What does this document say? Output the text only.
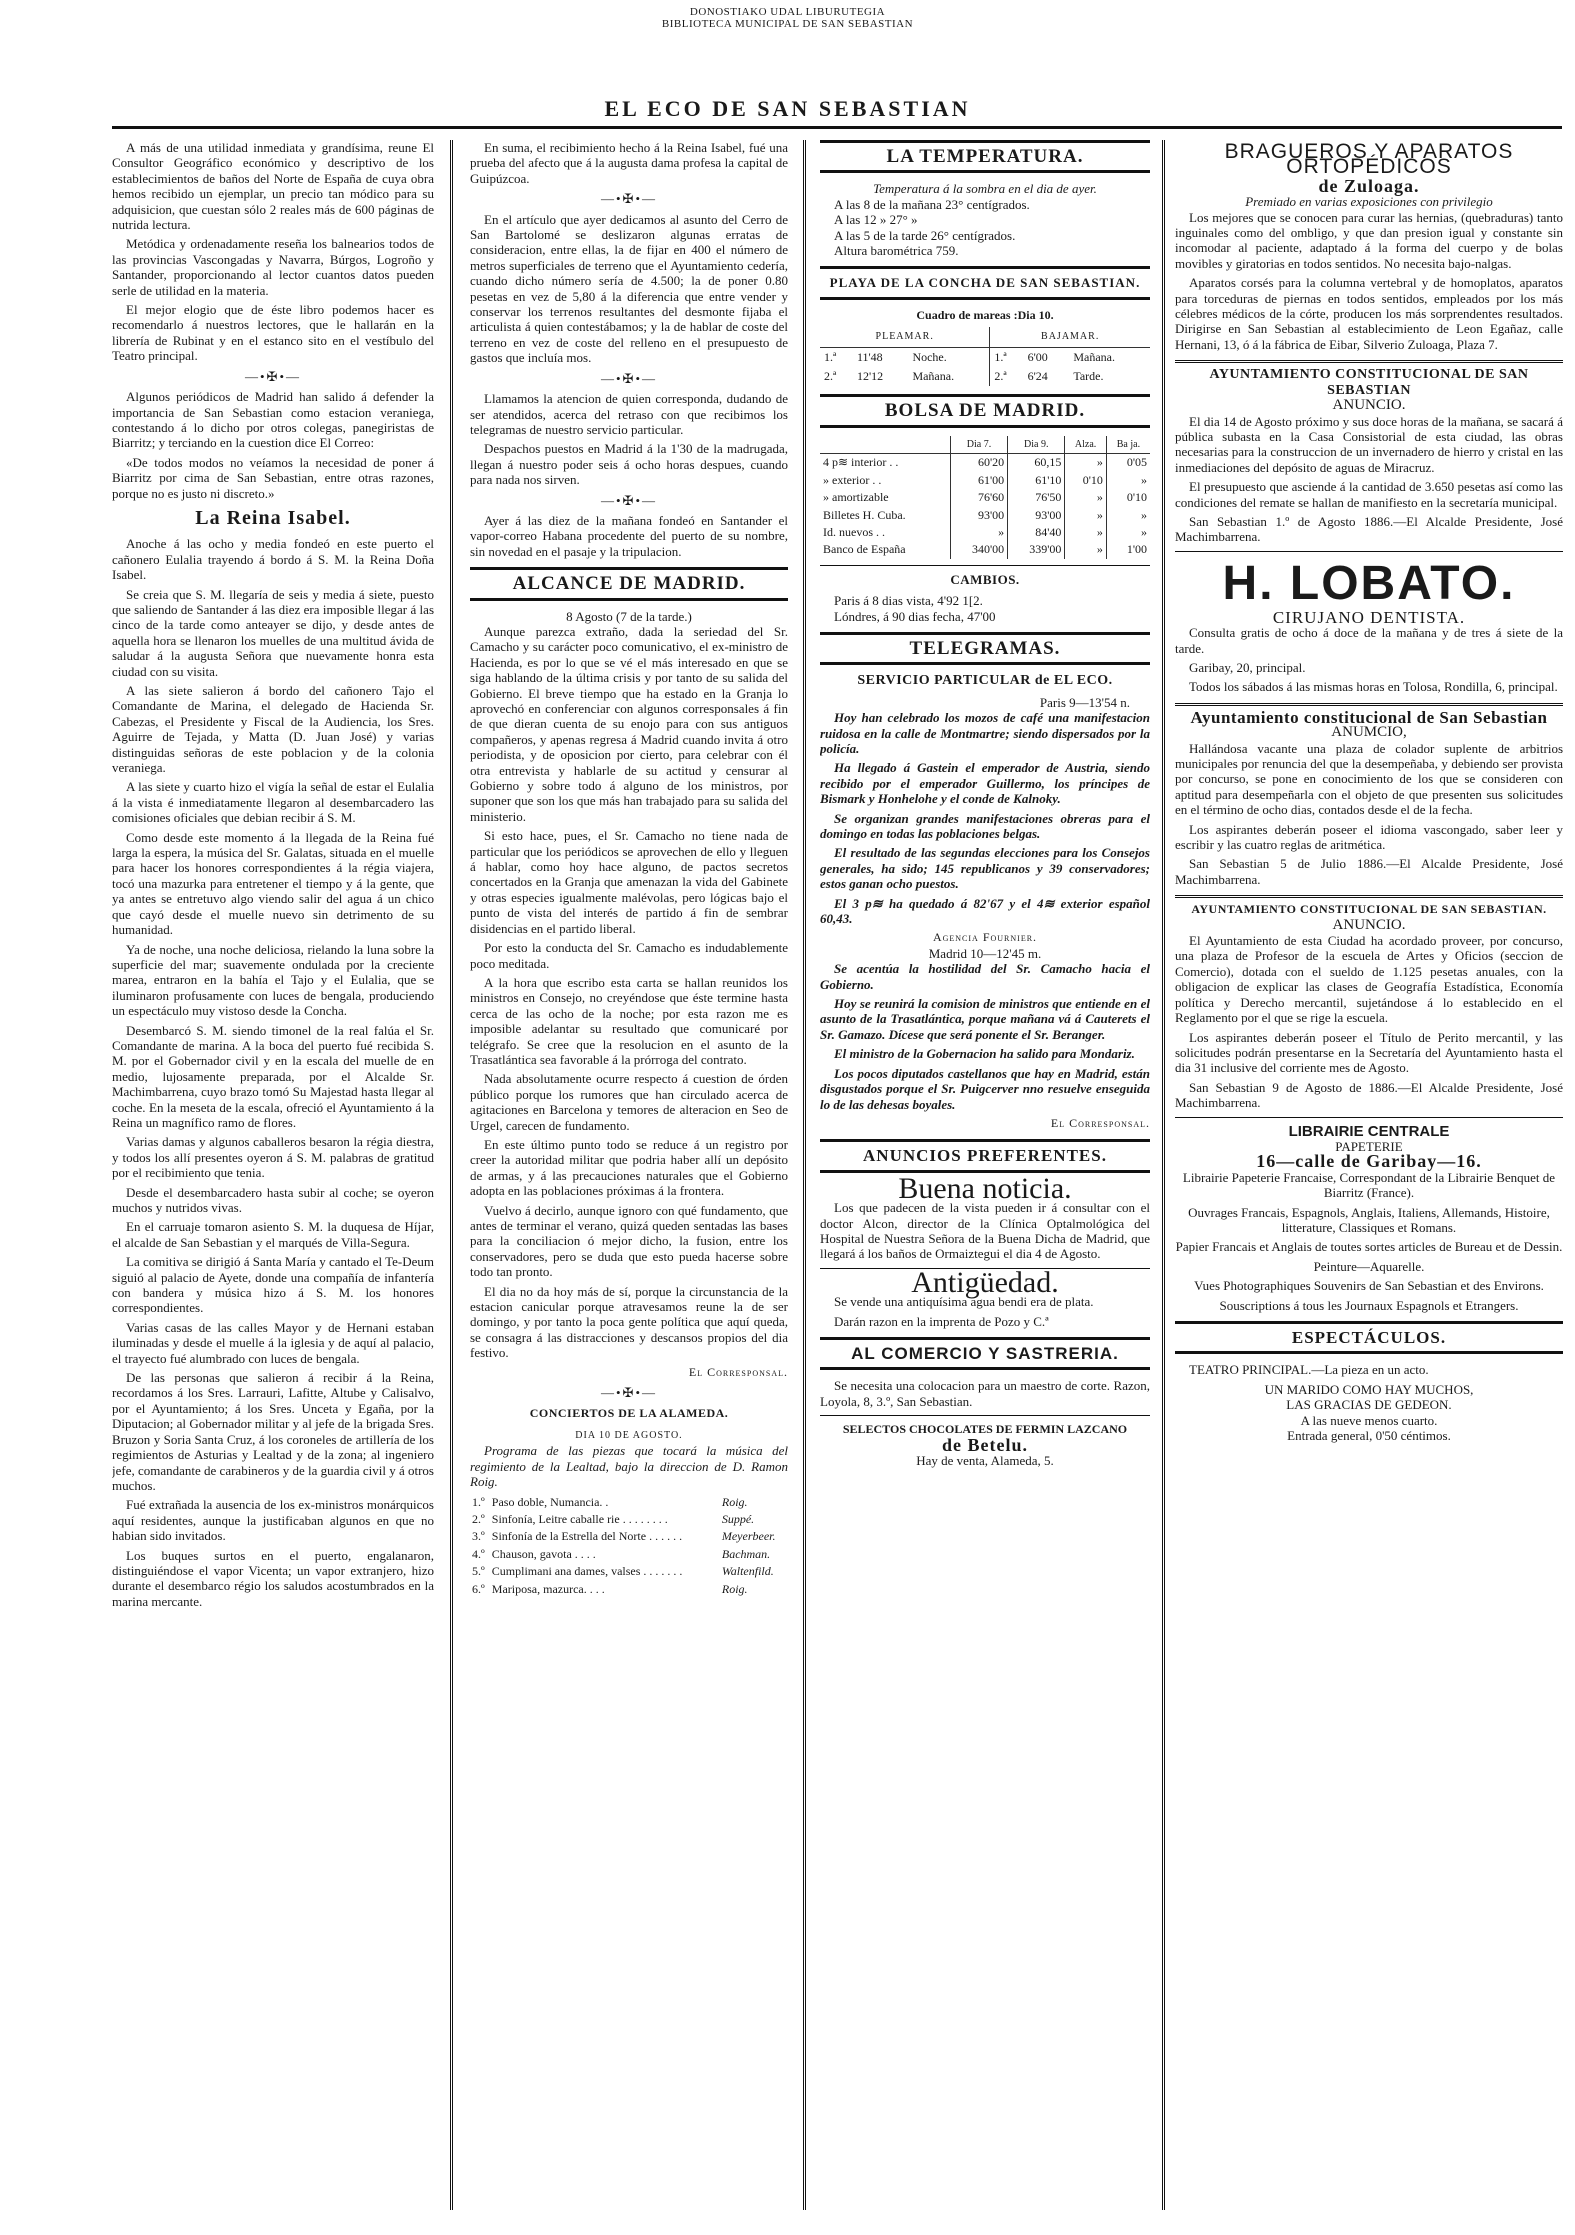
DONOSTIAKO UDAL LIBURUTEGIA
BIBLIOTECA MUNICIPAL DE SAN SEBASTIAN
EL ECO DE SAN SEBASTIAN

A más de una utilidad inmediata y grandísima, reune El Consultor Geográfico económico y descriptivo de los establecimientos de baños del Norte de España de cuya obra hemos recibido un ejemplar, un precio tan módico para su adquisicion, que cuestan sólo 2 reales más de 600 páginas de nutrida lectura.

Metódica y ordenadamente reseña los balnearios todos de las provincias Vascongadas y Navarra, Búrgos, Logroño y Santander, proporcionando al lector cuantos datos pueden serle de utilidad en la materia.

El mejor elogio que de éste libro podemos hacer es recomendarlo á nuestros lectores, que le hallarán en la librería de Rubinat y en el estanco sito en el vestíbulo del Teatro principal.

—•✠•—

Algunos periódicos de Madrid han salido á defender la importancia de San Sebastian como estacion veraniega, contestando á lo dicho por otros colegas, panegiristas de Biarritz; y terciando en la cuestion dice El Correo:

«De todos modos no veíamos la necesidad de poner á Biarritz por cima de San Sebastian, entre otras razones, porque no es justo ni discreto.»

La Reina Isabel.

Anoche á las ocho y media fondeó en este puerto el cañonero Eulalia trayendo á bordo á S. M. la Reina Doña Isabel.

Se creia que S. M. llegaría de seis y media á siete, puesto que saliendo de Santander á las diez era imposible llegar á las cinco de la tarde como anteayer se dijo, y desde antes de aquella hora se llenaron los muelles de una multitud ávida de saludar á la augusta Señora que nuevamente honra esta ciudad con su visita.

A las siete salieron á bordo del cañonero Tajo el Comandante de Marina, el delegado de Hacienda Sr. Cabezas, el Presidente y Fiscal de la Audiencia, los Sres. Aguirre de Tejada, y Matta (D. Juan José) y varias distinguidas señoras de este poblacion y de la colonia veraniega.

A las siete y cuarto hizo el vigía la señal de estar el Eulalia á la vista é inmediatamente llegaron al desembarcadero las comisiones oficiales que debian recibir á S. M.

Como desde este momento á la llegada de la Reina fué larga la espera, la música del Sr. Galatas, situada en el muelle para hacer los honores correspondientes á la régia viajera, tocó una mazurka para entretener el tiempo y á la gente, que ya antes se entretuvo algo viendo salir del agua á un chico que cayó desde el muelle nuevo sin detrimento de su humanidad.

Ya de noche, una noche deliciosa, rielando la luna sobre la superficie del mar; suavemente ondulada por la creciente marea, entraron en la bahía el Tajo y el Eulalia, que se iluminaron profusamente con luces de bengala, produciendo un espectáculo muy vistoso desde la Concha.

Desembarcó S. M. siendo timonel de la real falúa el Sr. Comandante de marina. A la boca del puerto fué recibida S. M. por el Gobernador civil y en la escala del muelle de en medio, lujosamente preparada, por el Alcalde Sr. Machimbarrena, cuyo brazo tomó Su Majestad hasta llegar al coche. En la meseta de la escala, ofreció el Ayuntamiento á la Reina un magnífico ramo de flores.

Varias damas y algunos caballeros besaron la régia diestra, y todos los allí presentes oyeron á S. M. palabras de gratitud por el recibimiento que tenia.

Desde el desembarcadero hasta subir al coche; se oyeron muchos y nutridos vivas.

En el carruaje tomaron asiento S. M. la duquesa de Híjar, el alcalde de San Sebastian y el marqués de Villa-Segura.

La comitiva se dirigió á Santa María y cantado el Te-Deum siguió al palacio de Ayete, donde una compañía de infantería con bandera y música hizo á S. M. los honores correspondientes.

Varias casas de las calles Mayor y de Hernani estaban iluminadas y desde el muelle á la iglesia y de aquí al palacio, el trayecto fué alumbrado con luces de bengala.

De las personas que salieron á recibir á la Reina, recordamos á los Sres. Larrauri, Lafitte, Altube y Calisalvo, por el Ayuntamiento; á los Sres. Unceta y Egaña, por la Diputacion; al Gobernador militar y al jefe de la brigada Sres. Bruzon y Soria Santa Cruz, á los coroneles de artillería de los regimientos de Asturias y Lealtad y de la zona; al ingeniero jefe, comandante de carabineros y de la guardia civil y á otros muchos.

Fué extrañada la ausencia de los ex-ministros monárquicos aquí residentes, aunque la justificaban algunos en que no habian sido invitados.

Los buques surtos en el puerto, engalanaron, distinguiéndose el vapor Vicenta; un vapor extranjero, hizo durante el desembarco régio los saludos acostumbrados en la marina mercante.

En suma, el recibimiento hecho á la Reina Isabel, fué una prueba del afecto que á la augusta dama profesa la capital de Guipúzcoa.

—•✠•—

En el artículo que ayer dedicamos al asunto del Cerro de San Bartolomé se deslizaron algunas erratas de consideracion, entre ellas, la de fijar en 400 el número de metros superficiales de terreno que el Ayuntamiento cedería, cuando dicho número sería de 4.500; la de poner 0.80 pesetas en vez de 5,80 á la diferencia que entre vender y conservar los terrenos resultantes del desmonte fijaba el articulista á quien contestábamos; y la de hablar de coste del terreno en vez de coste del relleno en el presupuesto de gastos que incluía mos.

—•✠•—

Llamamos la atencion de quien corresponda, dudando de ser atendidos, acerca del retraso con que recibimos los telegramas de nuestro servicio particular.

Despachos puestos en Madrid á la 1'30 de la madrugada, llegan á nuestro poder seis á ocho horas despues, cuando para nada nos sirven.

—•✠•—

Ayer á las diez de la mañana fondeó en Santander el vapor-correo Habana procedente del puerto de su nombre, sin novedad en el pasaje y la tripulacion.

ALCANCE DE MADRID.
8 Agosto (7 de la tarde.)

Aunque parezca extraño, dada la seriedad del Sr. Camacho y su carácter poco comunicativo, el ex-ministro de Hacienda, es por lo que se vé el más interesado en que se siga hablando de la última crisis y por tanto de su salida del Gobierno. El breve tiempo que ha estado en la Granja lo aprovechó en conferenciar con algunos corresponsales á fin de que dieran cuenta de su enojo para con sus antiguos compañeros, y apenas regresa á Madrid cuando invita á otro periodista, y de oposicion por cierto, para celebrar con él otra entrevista y hablarle de su actitud y censurar al Gobierno y sobre todo á alguno de los ministros, por suponer que son los que más han trabajado para su salida del ministerio.

Si esto hace, pues, el Sr. Camacho no tiene nada de particular que los periódicos se aprovechen de ello y lleguen á hablar, como hoy hace alguno, de pactos secretos concertados en la Granja que amenazan la vida del Gabinete y otras especies igualmente malévolas, pero lógicas bajo el punto de vista del interés de partido á fin de sembrar disidencias en el partido liberal.

Por esto la conducta del Sr. Camacho es indudablemente poco meditada.

A la hora que escribo esta carta se hallan reunidos los ministros en Consejo, no creyéndose que éste termine hasta cerca de las ocho de la noche; por esta razon me es imposible adelantar su resultado que comunicaré por telégrafo. Se cree que la resolucion en el asunto de la Trasatlántica sea favorable á la prórroga del contrato.

Nada absolutamente ocurre respecto á cuestion de órden público porque los rumores que han circulado acerca de agitaciones en Barcelona y temores de alteracion en Seo de Urgel, carecen de fundamento.

En este último punto todo se reduce á un registro por creer la autoridad militar que podria haber allí un depósito de armas, y á las precauciones naturales que el Gobierno adopta en las poblaciones próximas á la frontera.

Vuelvo á decirlo, aunque ignoro con qué fundamento, que antes de terminar el verano, quizá queden sentadas las bases para la conciliacion ó mejor dicho, la fusion, entre los conservadores, pero se duda que esto pueda hacerse sobre todo tan pronto.

El dia no da hoy más de sí, porque la circunstancia de la estacion canicular porque atravesamos reune la de ser domingo, y por tanto la poca gente política que aquí queda, se consagra á las distracciones y descansos propios del dia festivo.

El Corresponsal.
—•✠•—
CONCIERTOS DE LA ALAMEDA.
DIA 10 DE AGOSTO.

Programa de las piezas que tocará la música del regimiento de la Lealtad, bajo la direccion de D. Ramon Roig.

1.º	Paso doble, Numancia. .	Roig.
2.º	Sinfonía, Leitre caballe rie . . . . . . . .	Suppé.
3.º	Sinfonía de la Estrella del Norte . . . . . .	Meyerbeer.
4.º	Chauson, gavota . . . .	Bachman.
5.º	Cumplimani ana dames, valses . . . . . . .	Waltenfild.
6.º	Mariposa, mazurca. . . .	Roig.
LA TEMPERATURA.
Temperatura á la sombra en el dia de ayer.
A las 8 de la mañana 23° centígrados.
A las 12 » 27° »
A las 5 de la tarde 26° centígrados.
Altura barométrica 759.
PLAYA DE LA CONCHA DE SAN SEBASTIAN.
Cuadro de mareas :Dia 10.
PLEAMAR.			BAJAMAR.		
1.ª	11'48	Noche.	1.ª	6'00	Mañana.
2.ª	12'12	Mañana.	2.ª	6'24	Tarde.
BOLSA DE MADRID.
	Dia 7.	Dia 9.	Alza.	Ba ja.
4 p≋ interior . .	60'20	60,15	»	0'05
» exterior . .	61'00	61'10	0'10	»
» amortizable	76'60	76'50	»	0'10
Billetes H. Cuba.	93'00	93'00	»	»
Id. nuevos . .	»	84'40	»	»
Banco de España	340'00	339'00	»	1'00
CAMBIOS.
Paris á 8 dias vista, 4'92 1[2.
Lóndres, á 90 dias fecha, 47'00
TELEGRAMAS.
SERVICIO PARTICULAR de EL ECO.
Paris 9—13'54 n.

Hoy han celebrado los mozos de café una manifestacion ruidosa en la calle de Montmartre; siendo dispersados por la policía.

Ha llegado á Gastein el emperador de Austria, siendo recibido por el emperador Guillermo, los príncipes de Bismark y Honhelohe y el conde de Kalnoky.

Se organizan grandes manifestaciones obreras para el domingo en todas las poblaciones belgas.

El resultado de las segundas elecciones para los Consejos generales, ha sido; 145 republicanos y 39 conservadores; estos ganan ocho puestos.

El 3 p≋ ha quedado á 82'67 y el 4≋ exterior español 60,43.

Agencia Fournier.
Madrid 10—12'45 m.

Se acentúa la hostilidad del Sr. Camacho hacia el Gobierno.

Hoy se reunirá la comision de ministros que entiende en el asunto de la Trasatlántica, porque mañana vá á Cauterets el Sr. Gamazo. Dícese que será ponente el Sr. Beranger.

El ministro de la Gobernacion ha salido para Mondariz.

Los pocos diputados castellanos que hay en Madrid, están disgustados porque el Sr. Puigcerver nno resuelve enseguida lo de las dehesas boyales.

El Corresponsal.
ANUNCIOS PREFERENTES.
Buena noticia.

Los que padecen de la vista pueden ir á consultar con el doctor Alcon, director de la Clínica Optalmológica del Hospital de Nuestra Señora de la Buena Dicha de Madrid, que llegará á los baños de Ormaiztegui el dia 4 de Agosto.

Antigüedad.

Se vende una antiquísima agua bendi era de plata.

Darán razon en la imprenta de Pozo y C.ª

AL COMERCIO Y SASTRERIA.

Se necesita una colocacion para un maestro de corte. Razon, Loyola, 8, 3.º, San Sebastian.

SELECTOS CHOCOLATES DE FERMIN LAZCANO
de Betelu.
Hay de venta, Alameda, 5.
BRAGUEROS Y APARATOS ORTOPÉDICOS
de Zuloaga.
Premiado en varias exposiciones con privilegio

Los mejores que se conocen para curar las hernias, (quebraduras) tanto inguinales como del ombligo, y que dan presion igual y constante sin incomodar al paciente, adaptado á la forma del cuerpo y de bolas movibles y giratorias en todos sentidos. No necesita bajo-nalgas.

Aparatos corsés para la columna vertebral y de homoplatos, aparatos para torceduras de piernas en todos sentidos, empleados por los más célebres médicos de la córte, producen los más sorprendentes resultados. Dirigirse en San Sebastian al establecimiento de Leon Egañaz, calle Hernani, 13, ó á la fábrica de Eibar, Silverio Zuloaga, Plaza 7.

AYUNTAMIENTO CONSTITUCIONAL DE SAN SEBASTIAN
ANUNCIO.

El dia 14 de Agosto próximo y sus doce horas de la mañana, se sacará á pública subasta en la Casa Consistorial de esta ciudad, las obras necesarias para la construccion de un invernadero de hierro y cristal en las inmediaciones del depósito de aguas de Miracruz.

El presupuesto que asciende á la cantidad de 3.650 pesetas así como las condiciones del remate se hallan de manifiesto en la secretaría municipal.

San Sebastian 1.º de Agosto 1886.—El Alcalde Presidente, José Machimbarrena.

H. LOBATO.
CIRUJANO DENTISTA.

Consulta gratis de ocho á doce de la mañana y de tres á siete de la tarde.

Garibay, 20, principal.

Todos los sábados á las mismas horas en Tolosa, Rondilla, 6, principal.

Ayuntamiento constitucional de San Sebastian
ANUMCIO,

Hallándosa vacante una plaza de colador suplente de arbitrios municipales por renuncia del que la desempeñaba, y debiendo ser provista por concurso, se pone en conocimiento de los que se consideren con aptitud para desempeñarla con el objeto de que presenten sus solicitudes en el término de ocho dias, contados desde el de la fecha.

Los aspirantes deberán poseer el idioma vascongado, saber leer y escribir y las cuatro reglas de aritmética.

San Sebastian 5 de Julio 1886.—El Alcalde Presidente, José Machimbarrena.

AYUNTAMIENTO CONSTITUCIONAL DE SAN SEBASTIAN.
ANUNCIO.

El Ayuntamiento de esta Ciudad ha acordado proveer, por concurso, una plaza de Profesor de la escuela de Artes y Oficios (seccion de Comercio), dotada con el sueldo de 1.125 pesetas anuales, con la obligacion de explicar las clases de Geografía Estadística, Economía política y Derecho mercantil, sujetándose á lo establecido en el Reglamento por el que se rige la escuela.

Los aspirantes deberán poseer el Título de Perito mercantil, y las solicitudes podrán presentarse en la Secretaría del Ayuntamiento hasta el dia 31 inclusive del corriente mes de Agosto.

San Sebastian 9 de Agosto de 1886.—El Alcalde Presidente, José Machimbarrena.

LIBRAIRIE CENTRALE
PAPETERIE
16—calle de Garibay—16.

Librairie Papeterie Francaise, Correspondant de la Librairie Benquet de Biarritz (France).

Ouvrages Francais, Espagnols, Anglais, Italiens, Allemands, Histoire, litterature, Classiques et Romans.

Papier Francais et Anglais de toutes sortes articles de Bureau et de Dessin.

Peinture—Aquarelle.

Vues Photographiques Souvenirs de San Sebastian et des Environs.

Souscriptions á tous les Journaux Espagnols et Etrangers.

ESPECTÁCULOS.

TEATRO PRINCIPAL.—La pieza en un acto.

UN MARIDO COMO HAY MUCHOS,
LAS GRACIAS DE GEDEON.
A las nueve menos cuarto.
Entrada general, 0'50 céntimos.
